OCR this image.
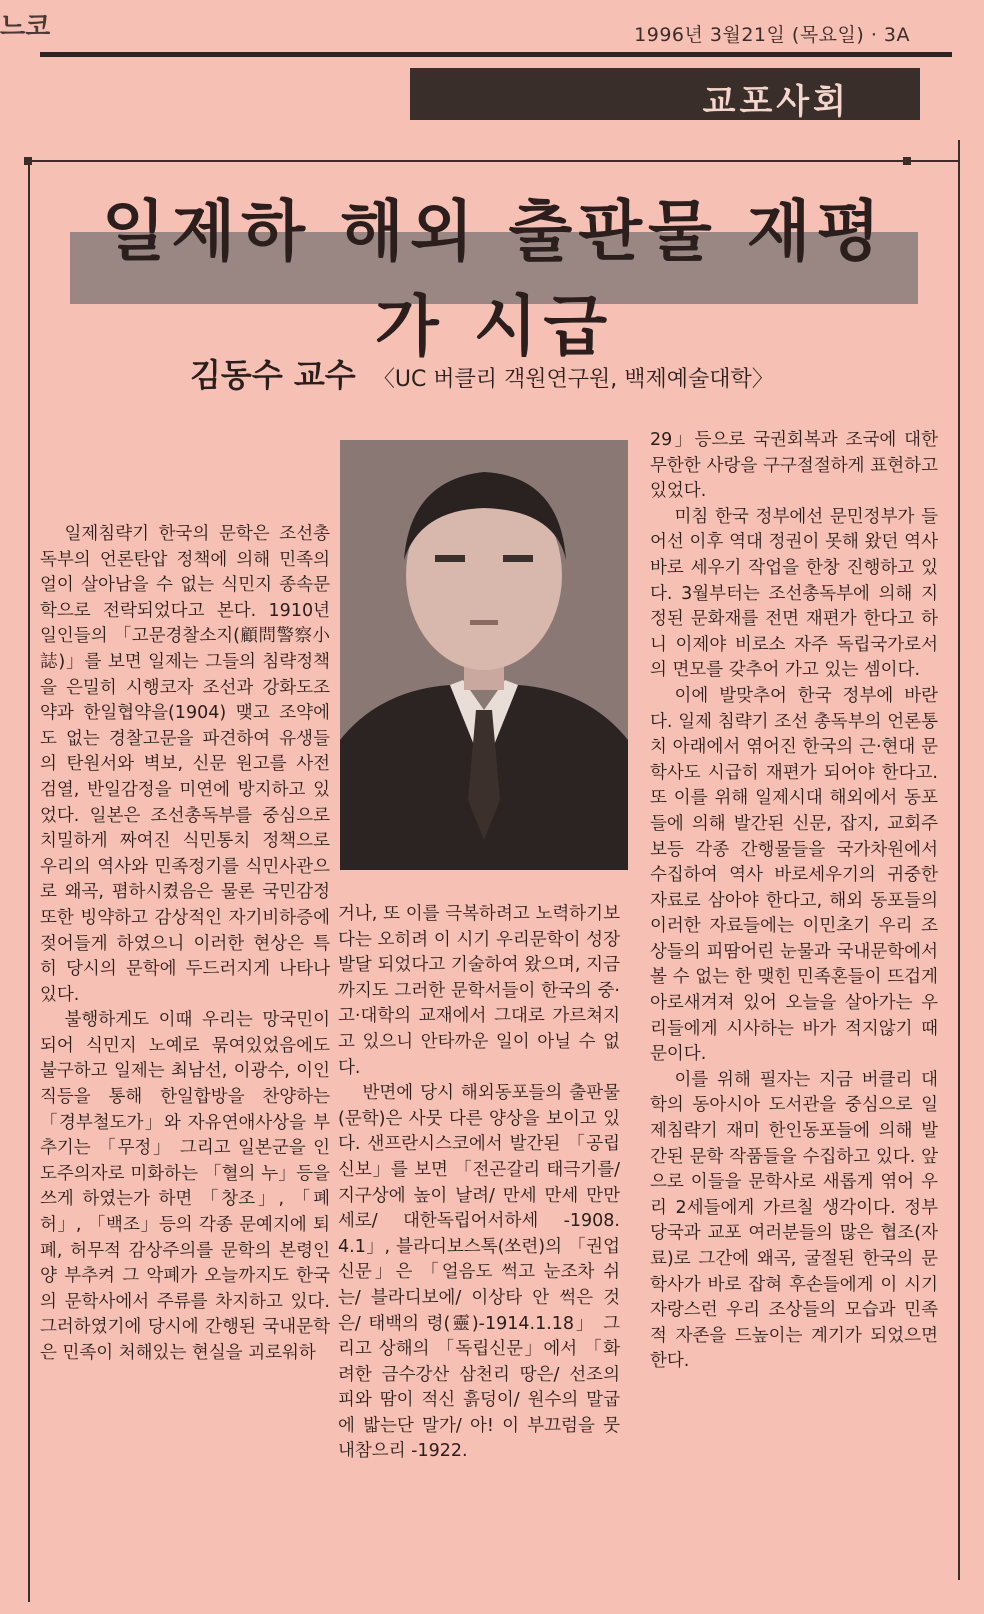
느코	1996년 3월21일 (목요일) · 3A
교포사회
일제하 해외 출판물 재평가 시급
김동수 교수 〈UC 버클리 객원연구원, 백제예술대학〉

일제침략기 한국의 문학은 조선총독부의 언론탄압 정책에 의해 민족의 얼이 살아남을 수 없는 식민지 종속문학으로 전락되었다고 본다. 1910년 일인들의 「고문경찰소지(顧問警察小誌)」를 보면 일제는 그들의 침략정책을 은밀히 시행코자 조선과 강화도조약과 한일협약을(1904) 맺고 조약에도 없는 경찰고문을 파견하여 유생들의 탄원서와 벽보, 신문 원고를 사전 검열, 반일감정을 미연에 방지하고 있었다. 일본은 조선총독부를 중심으로 치밀하게 짜여진 식민통치 정책으로 우리의 역사와 민족정기를 식민사관으로 왜곡, 폄하시켰음은 물론 국민감정 또한 빙약하고 감상적인 자기비하증에 젖어들게 하였으니 이러한 현상은 특히 당시의 문학에 두드러지게 나타나 있다.

불행하게도 이때 우리는 망국민이 되어 식민지 노예로 묶여있었음에도 불구하고 일제는 최남선, 이광수, 이인직등을 통해 한일합방을 찬양하는 「경부철도가」와 자유연애사상을 부추기는 「무정」 그리고 일본군을 인도주의자로 미화하는 「혈의 누」등을 쓰게 하였는가 하면 「창조」, 「폐허」, 「백조」등의 각종 문예지에 퇴폐, 허무적 감상주의를 문학의 본령인 양 부추켜 그 악폐가 오늘까지도 한국의 문학사에서 주류를 차지하고 있다. 그러하였기에 당시에 간행된 국내문학은 민족이 처해있는 현실을 괴로워하

거나, 또 이를 극복하려고 노력하기보다는 오히려 이 시기 우리문학이 성장 발달 되었다고 기술하여 왔으며, 지금까지도 그러한 문학서들이 한국의 중·고·대학의 교재에서 그대로 가르쳐지고 있으니 안타까운 일이 아닐 수 없다.

반면에 당시 해외동포들의 출판물(문학)은 사뭇 다른 양상을 보이고 있다. 샌프란시스코에서 발간된 「공립신보」를 보면 「전곤갈리 태극기를/ 지구상에 높이 날려/ 만세 만세 만만세로/ 대한독립어서하세 -1908. 4.1」, 블라디보스톡(쏘련)의 「권업신문」은 「얼음도 썩고 눈조차 쉬는/ 블라디보에/ 이상타 안 썩은 것은/ 태백의 령(靈)-1914.1.18」 그리고 상해의 「독립신문」에서 「화려한 금수강산 삼천리 땅은/ 선조의 피와 땀이 적신 흙덩이/ 원수의 말굽에 밟는단 말가/ 아! 이 부끄럼을 뭇내참으리 -1922.

29」등으로 국권회복과 조국에 대한 무한한 사랑을 구구절절하게 표현하고 있었다.

미침 한국 정부에선 문민정부가 들어선 이후 역대 정권이 못해 왔던 역사 바로 세우기 작업을 한창 진행하고 있다. 3월부터는 조선총독부에 의해 지정된 문화재를 전면 재편가 한다고 하니 이제야 비로소 자주 독립국가로서의 면모를 갖추어 가고 있는 셈이다.

이에 발맞추어 한국 정부에 바란다. 일제 침략기 조선 총독부의 언론통치 아래에서 엮어진 한국의 근·현대 문학사도 시급히 재편가 되어야 한다고. 또 이를 위해 일제시대 해외에서 동포들에 의해 발간된 신문, 잡지, 교회주보등 각종 간행물들을 국가차원에서 수집하여 역사 바로세우기의 귀중한 자료로 삼아야 한다고, 해외 동포들의 이러한 자료들에는 이민초기 우리 조상들의 피땀어린 눈물과 국내문학에서 볼 수 없는 한 맺힌 민족혼들이 뜨겁게 아로새겨져 있어 오늘을 살아가는 우리들에게 시사하는 바가 적지않기 때문이다.

이를 위해 필자는 지금 버클리 대학의 동아시아 도서관을 중심으로 일제침략기 재미 한인동포들에 의해 발간된 문학 작품들을 수집하고 있다. 앞으로 이들을 문학사로 새롭게 엮어 우리 2세들에게 가르칠 생각이다. 정부 당국과 교포 여러분들의 많은 협조(자료)로 그간에 왜곡, 굴절된 한국의 문학사가 바로 잡혀 후손들에게 이 시기 자랑스런 우리 조상들의 모습과 민족적 자존을 드높이는 계기가 되었으면 한다.
